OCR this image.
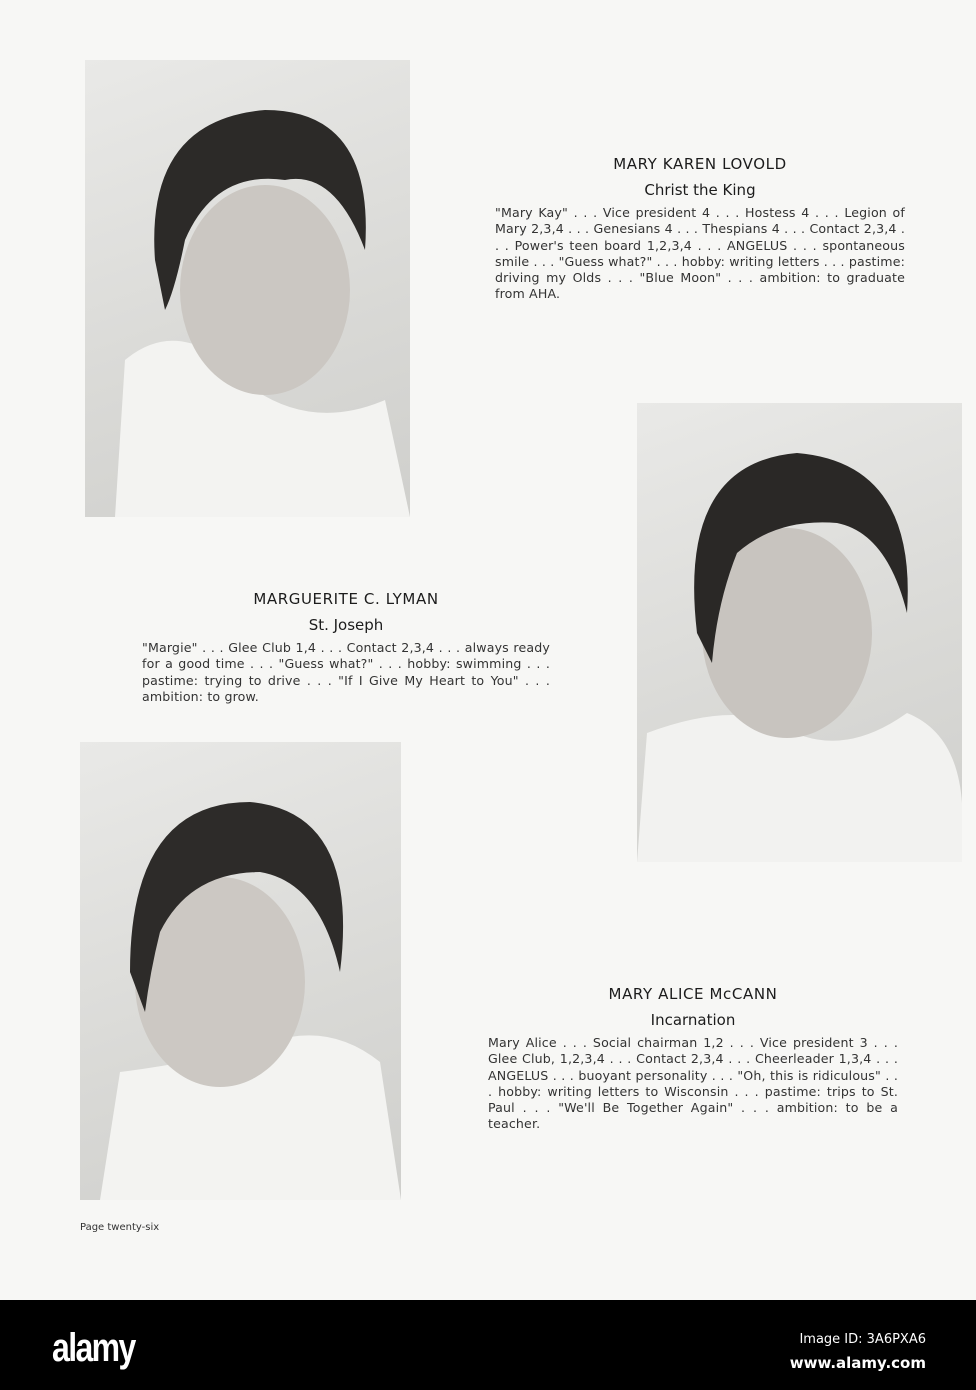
MARY KAREN LOVOLD
Christ the King
"Mary Kay" . . . Vice president 4 . . . Hostess 4 . . . Legion of Mary 2,3,4 . . . Genesians 4 . . . Thespians 4 . . . Contact 2,3,4 . . . Power's teen board 1,2,3,4 . . . ANGELUS . . . spontaneous smile . . . "Guess what?" . . . hobby: writing letters . . . pastime: driving my Olds . . . "Blue Moon" . . . ambition: to graduate from AHA.
MARGUERITE C. LYMAN
St. Joseph
"Margie" . . . Glee Club 1,4 . . . Contact 2,3,4 . . . always ready for a good time . . . "Guess what?" . . . hobby: swimming . . . pastime: trying to drive . . . "If I Give My Heart to You" . . . ambition: to grow.
MARY ALICE McCANN
Incarnation
Mary Alice . . . Social chairman 1,2 . . . Vice president 3 . . . Glee Club, 1,2,3,4 . . . Contact 2,3,4 . . . Cheerleader 1,3,4 . . . ANGELUS . . . buoyant personality . . . "Oh, this is ridiculous" . . . hobby: writing letters to Wisconsin . . . pastime: trips to St. Paul . . . "We'll Be Together Again" . . . ambition: to be a teacher.
Page twenty-six
alamy	Image ID: 3A6PXA6
www.alamy.com
